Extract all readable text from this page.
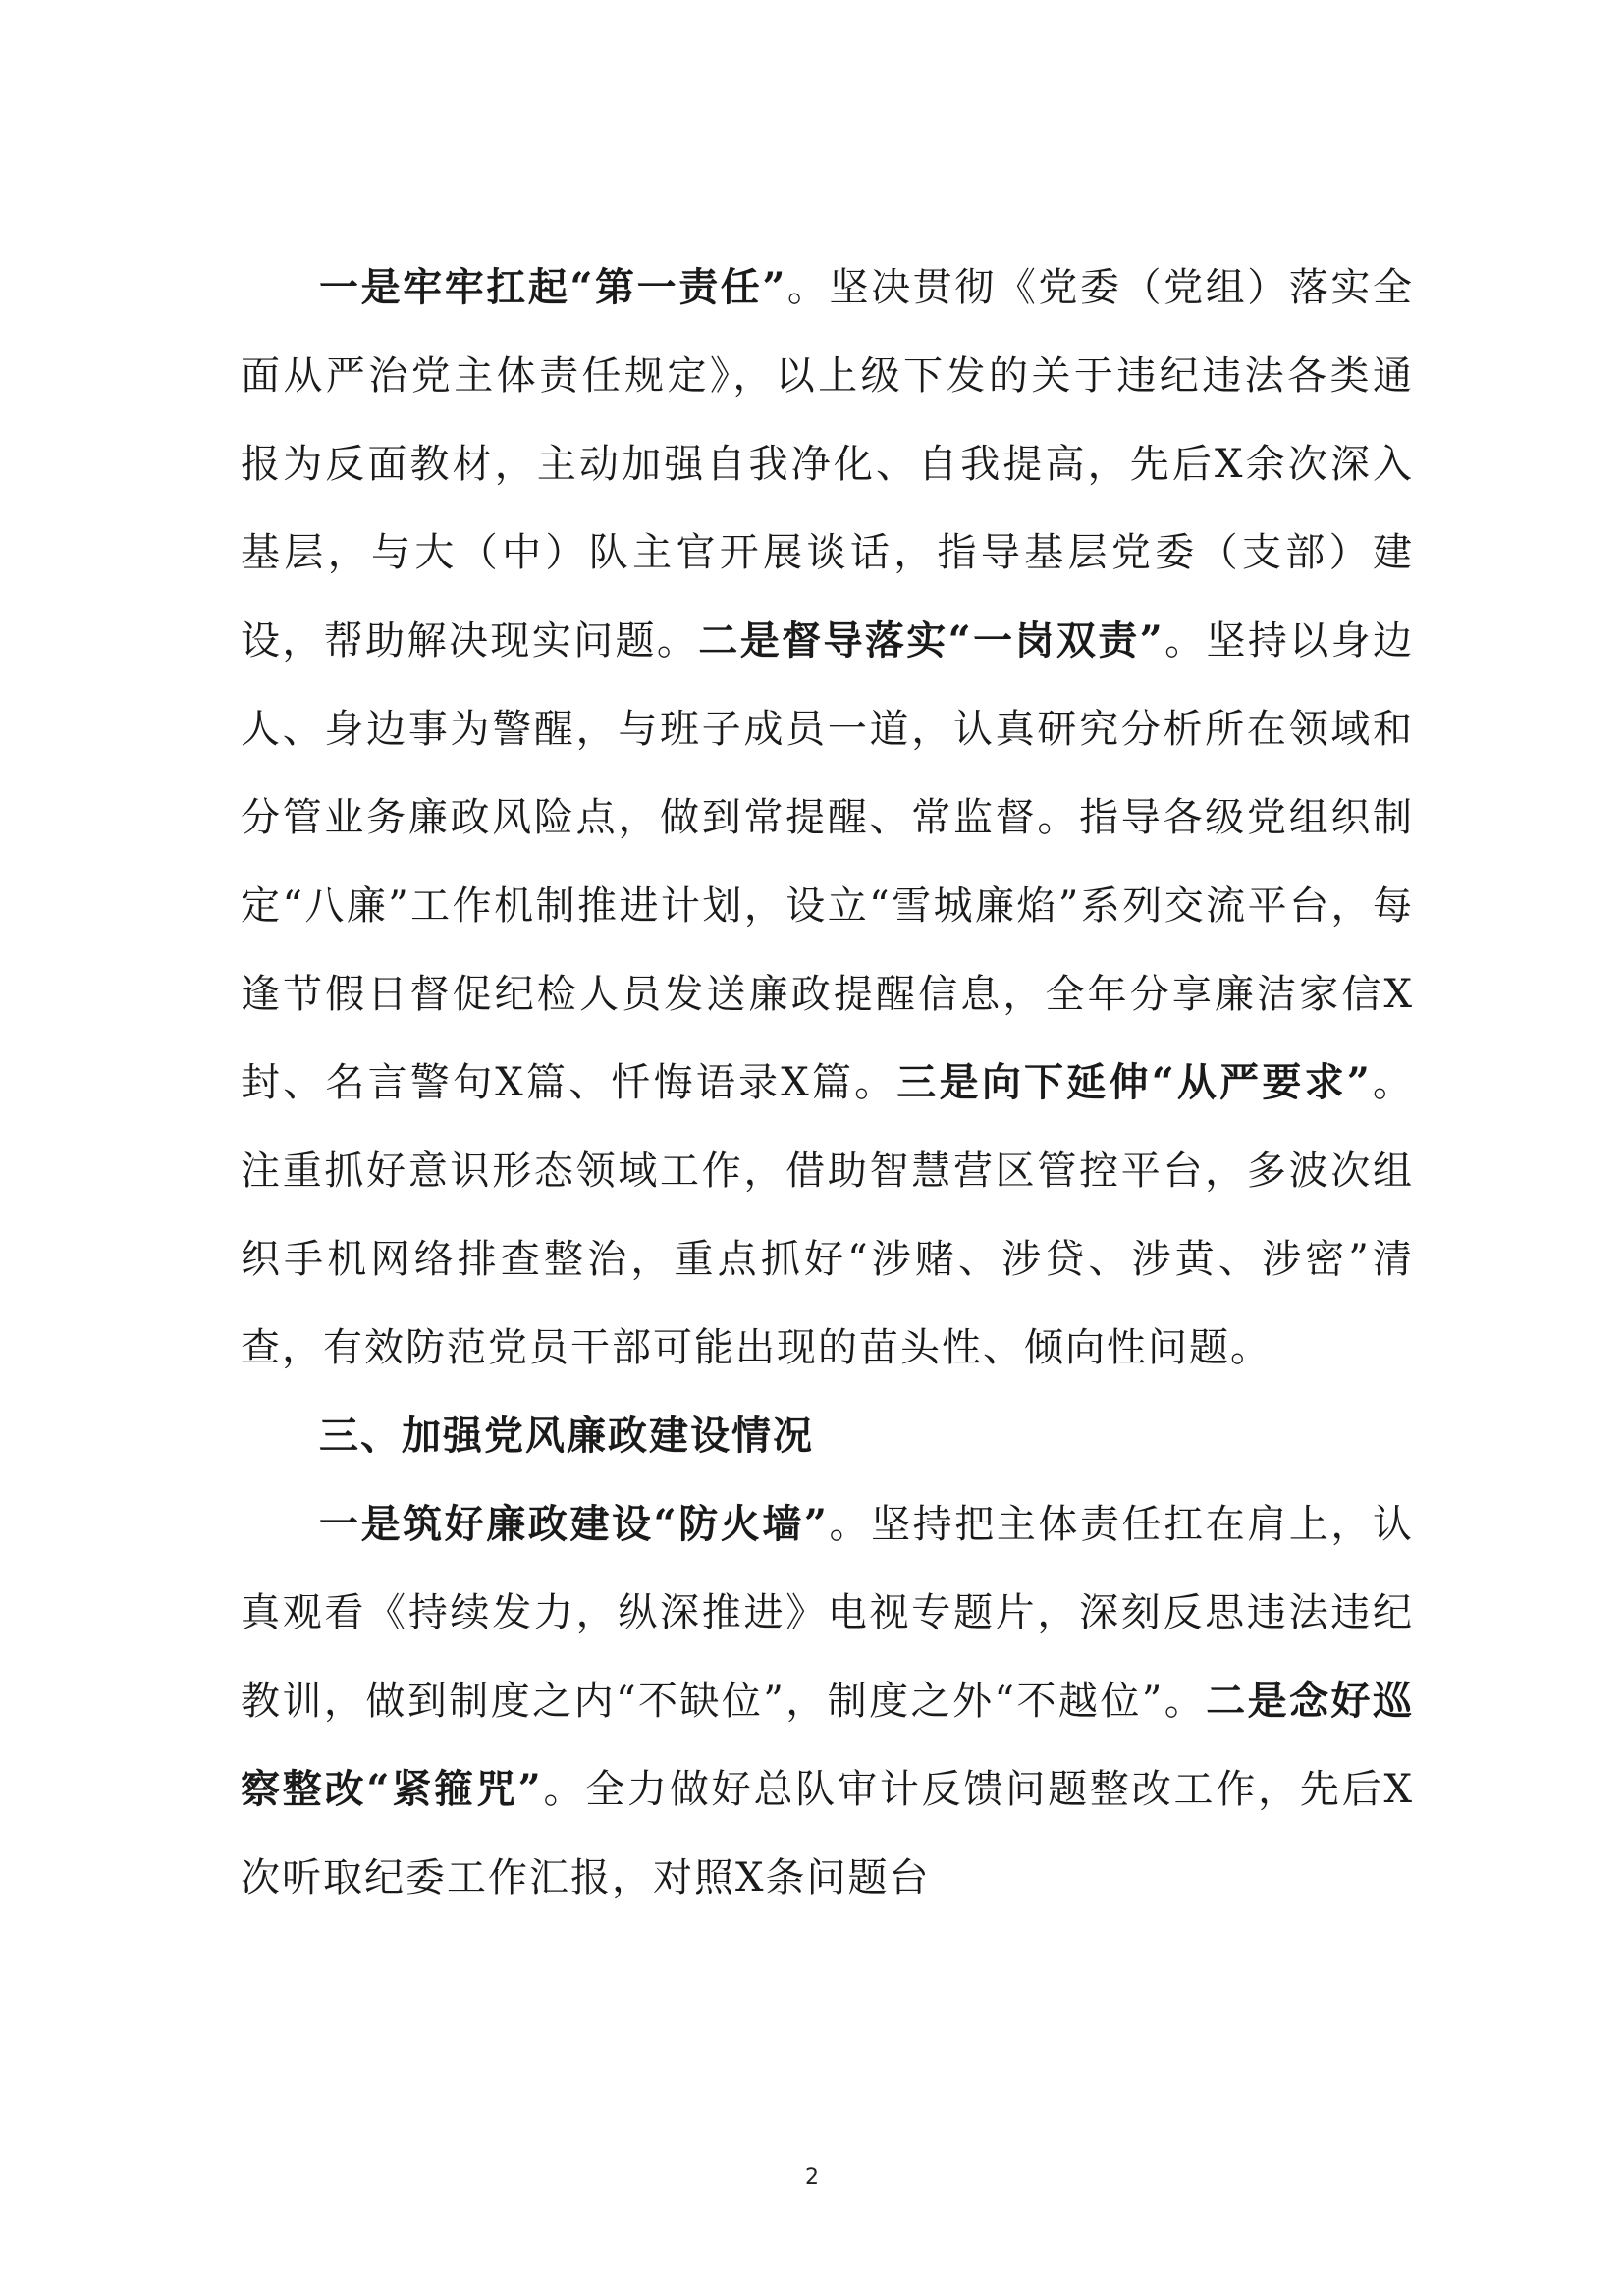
一是牢牢扛起“第一责任”。坚决贯彻《党委（党组）落实全面从严治党主体责任规定》，以上级下发的关于违纪违法各类通报为反面教材，主动加强自我净化、自我提高，先后X余次深入基层，与大（中）队主官开展谈话，指导基层党委（支部）建设，帮助解决现实问题。二是督导落实“一岗双责”。坚持以身边人、身边事为警醒，与班子成员一道，认真研究分析所在领域和分管业务廉政风险点，做到常提醒、常监督。指导各级党组织制定“八廉”工作机制推进计划，设立“雪城廉焰”系列交流平台，每逢节假日督促纪检人员发送廉政提醒信息，全年分享廉洁家信X封、名言警句X篇、忏悔语录X篇。三是向下延伸“从严要求”。注重抓好意识形态领域工作，借助智慧营区管控平台，多波次组织手机网络排查整治，重点抓好“涉赌、涉贷、涉黄、涉密”清查，有效防范党员干部可能出现的苗头性、倾向性问题。

三、加强党风廉政建设情况

一是筑好廉政建设“防火墙”。坚持把主体责任扛在肩上，认真观看《持续发力，纵深推进》电视专题片，深刻反思违法违纪教训，做到制度之内“不缺位”，制度之外“不越位”。二是念好巡察整改“紧箍咒”。全力做好总队审计反馈问题整改工作，先后X次听取纪委工作汇报，对照X条问题台

2
